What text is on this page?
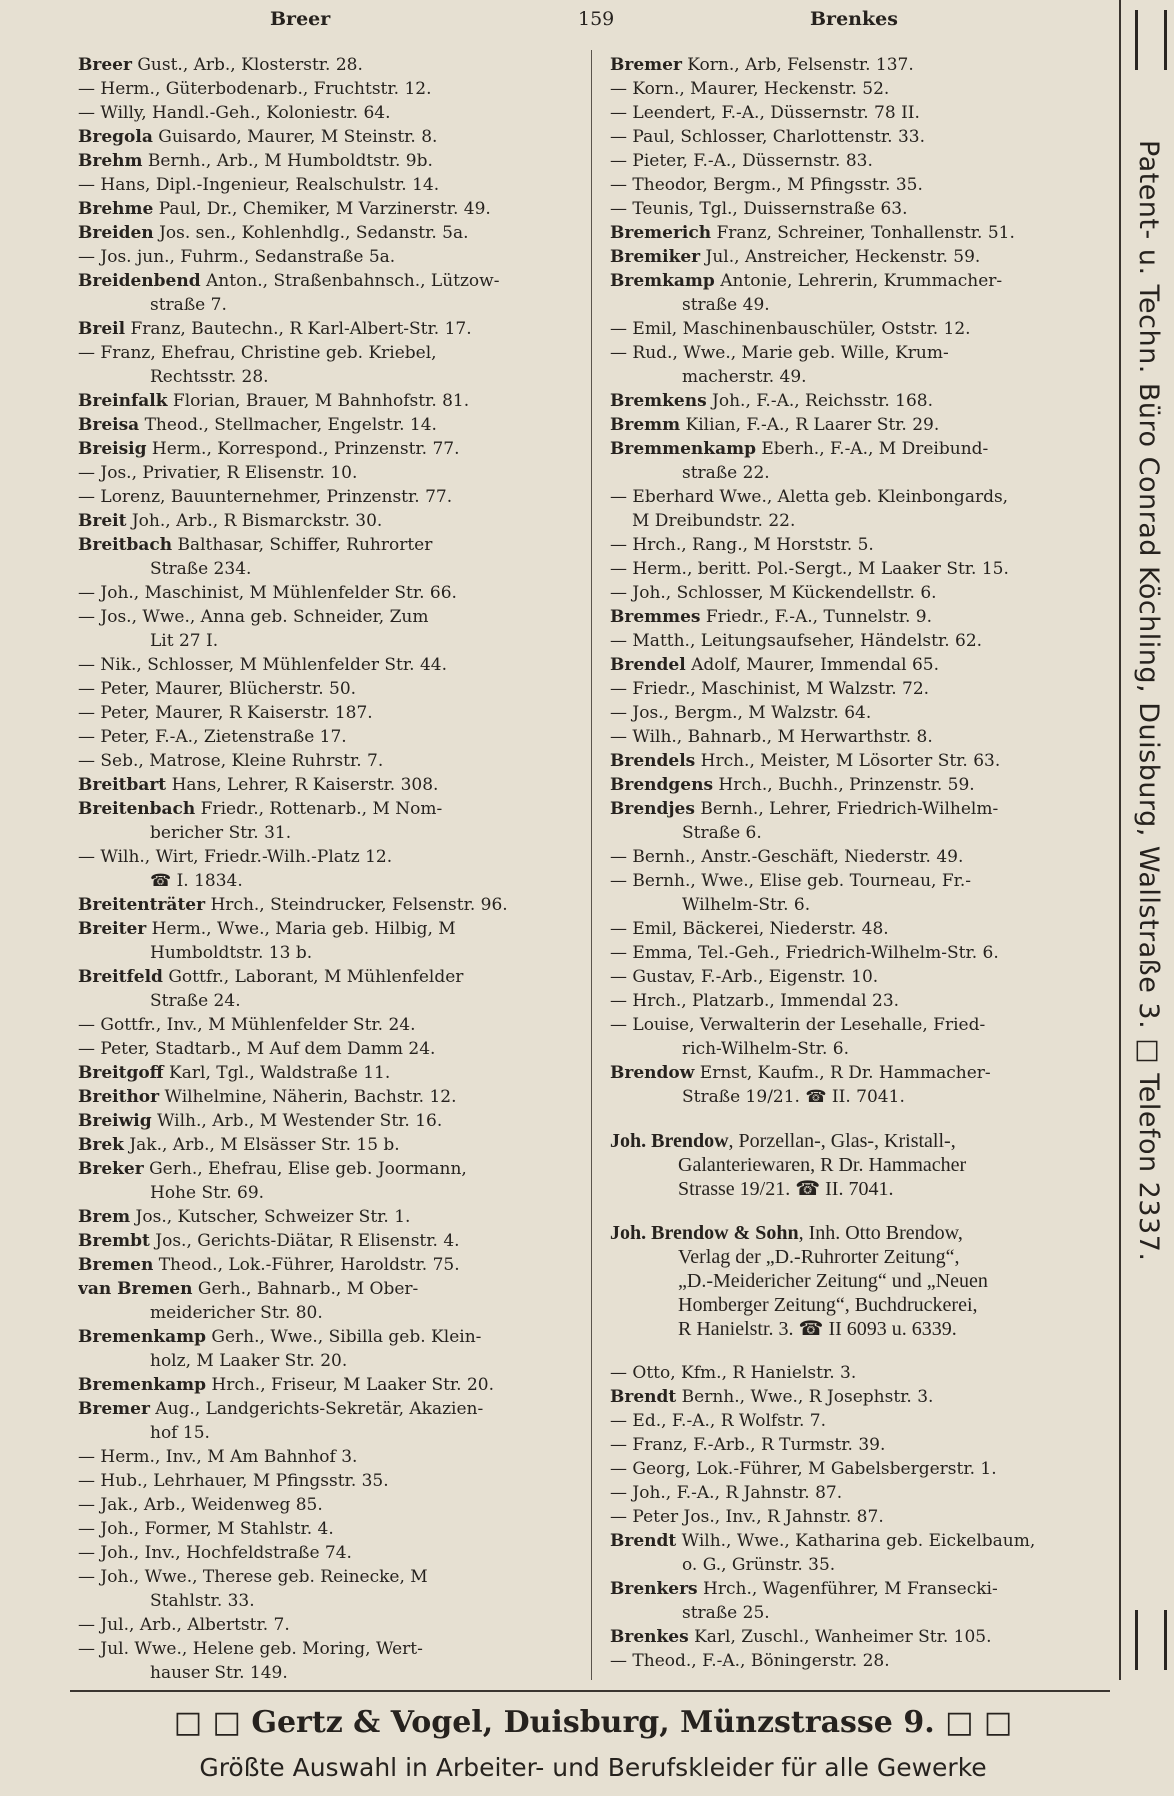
Breer	159	Brenkes
Breer Gust., Arb., Klosterstr. 28.
— Herm., Güterbodenarb., Fruchtstr. 12.
— Willy, Handl.-Geh., Koloniestr. 64.
Bregola Guisardo, Maurer, M Steinstr. 8.
Brehm Bernh., Arb., M Humboldtstr. 9b.
— Hans, Dipl.-Ingenieur, Realschulstr. 14.
Brehme Paul, Dr., Chemiker, M Varzinerstr. 49.
Breiden Jos. sen., Kohlenhdlg., Sedanstr. 5a.
— Jos. jun., Fuhrm., Sedanstraße 5a.
Breidenbend Anton., Straßenbahnsch., Lützow-
straße 7.
Breil Franz, Bautechn., R Karl-Albert-Str. 17.
— Franz, Ehefrau, Christine geb. Kriebel,
Rechtsstr. 28.
Breinfalk Florian, Brauer, M Bahnhofstr. 81.
Breisa Theod., Stellmacher, Engelstr. 14.
Breisig Herm., Korrespond., Prinzenstr. 77.
— Jos., Privatier, R Elisenstr. 10.
— Lorenz, Bauunternehmer, Prinzenstr. 77.
Breit Joh., Arb., R Bismarckstr. 30.
Breitbach Balthasar, Schiffer, Ruhrorter
Straße 234.
— Joh., Maschinist, M Mühlenfelder Str. 66.
— Jos., Wwe., Anna geb. Schneider, Zum
Lit 27 I.
— Nik., Schlosser, M Mühlenfelder Str. 44.
— Peter, Maurer, Blücherstr. 50.
— Peter, Maurer, R Kaiserstr. 187.
— Peter, F.-A., Zietenstraße 17.
— Seb., Matrose, Kleine Ruhrstr. 7.
Breitbart Hans, Lehrer, R Kaiserstr. 308.
Breitenbach Friedr., Rottenarb., M Nom-
bericher Str. 31.
— Wilh., Wirt, Friedr.-Wilh.-Platz 12.
☎ I. 1834.
Breitenträter Hrch., Steindrucker, Felsenstr. 96.
Breiter Herm., Wwe., Maria geb. Hilbig, M
Humboldtstr. 13 b.
Breitfeld Gottfr., Laborant, M Mühlenfelder
Straße 24.
— Gottfr., Inv., M Mühlenfelder Str. 24.
— Peter, Stadtarb., M Auf dem Damm 24.
Breitgoff Karl, Tgl., Waldstraße 11.
Breithor Wilhelmine, Näherin, Bachstr. 12.
Breiwig Wilh., Arb., M Westender Str. 16.
Brek Jak., Arb., M Elsässer Str. 15 b.
Breker Gerh., Ehefrau, Elise geb. Joormann,
Hohe Str. 69.
Brem Jos., Kutscher, Schweizer Str. 1.
Brembt Jos., Gerichts-Diätar, R Elisenstr. 4.
Bremen Theod., Lok.-Führer, Haroldstr. 75.
van Bremen Gerh., Bahnarb., M Ober-
meidericher Str. 80.
Bremenkamp Gerh., Wwe., Sibilla geb. Klein-
holz, M Laaker Str. 20.
Bremenkamp Hrch., Friseur, M Laaker Str. 20.
Bremer Aug., Landgerichts-Sekretär, Akazien-
hof 15.
— Herm., Inv., M Am Bahnhof 3.
— Hub., Lehrhauer, M Pfingsstr. 35.
— Jak., Arb., Weidenweg 85.
— Joh., Former, M Stahlstr. 4.
— Joh., Inv., Hochfeldstraße 74.
— Joh., Wwe., Therese geb. Reinecke, M
Stahlstr. 33.
— Jul., Arb., Albertstr. 7.
— Jul. Wwe., Helene geb. Moring, Wert-
hauser Str. 149.
Bremer Korn., Arb, Felsenstr. 137.
— Korn., Maurer, Heckenstr. 52.
— Leendert, F.-A., Düssernstr. 78 II.
— Paul, Schlosser, Charlottenstr. 33.
— Pieter, F.-A., Düssernstr. 83.
— Theodor, Bergm., M Pfingsstr. 35.
— Teunis, Tgl., Duissernstraße 63.
Bremerich Franz, Schreiner, Tonhallenstr. 51.
Bremiker Jul., Anstreicher, Heckenstr. 59.
Bremkamp Antonie, Lehrerin, Krummacher-
straße 49.
— Emil, Maschinenbauschüler, Oststr. 12.
— Rud., Wwe., Marie geb. Wille, Krum-
macherstr. 49.
Bremkens Joh., F.-A., Reichsstr. 168.
Bremm Kilian, F.-A., R Laarer Str. 29.
Bremmenkamp Eberh., F.-A., M Dreibund-
straße 22.
— Eberhard Wwe., Aletta geb. Kleinbongards,
M Dreibundstr. 22.
— Hrch., Rang., M Horststr. 5.
— Herm., beritt. Pol.-Sergt., M Laaker Str. 15.
— Joh., Schlosser, M Kückendellstr. 6.
Bremmes Friedr., F.-A., Tunnelstr. 9.
— Matth., Leitungsaufseher, Händelstr. 62.
Brendel Adolf, Maurer, Immendal 65.
— Friedr., Maschinist, M Walzstr. 72.
— Jos., Bergm., M Walzstr. 64.
— Wilh., Bahnarb., M Herwarthstr. 8.
Brendels Hrch., Meister, M Lösorter Str. 63.
Brendgens Hrch., Buchh., Prinzenstr. 59.
Brendjes Bernh., Lehrer, Friedrich-Wilhelm-
Straße 6.
— Bernh., Anstr.-Geschäft, Niederstr. 49.
— Bernh., Wwe., Elise geb. Tourneau, Fr.-
Wilhelm-Str. 6.
— Emil, Bäckerei, Niederstr. 48.
— Emma, Tel.-Geh., Friedrich-Wilhelm-Str. 6.
— Gustav, F.-Arb., Eigenstr. 10.
— Hrch., Platzarb., Immendal 23.
— Louise, Verwalterin der Lesehalle, Fried-
rich-Wilhelm-Str. 6.
Brendow Ernst, Kaufm., R Dr. Hammacher-
Straße 19/21. ☎ II. 7041.
Joh. Brendow, Porzellan-, Glas-, Kristall-,
Galanteriewaren, R Dr. Hammacher
Strasse 19/21. ☎ II. 7041.
Joh. Brendow & Sohn, Inh. Otto Brendow,
Verlag der „D.-Ruhrorter Zeitung“,
„D.-Meidericher Zeitung“ und „Neuen
Homberger Zeitung“, Buchdruckerei,
R Hanielstr. 3. ☎ II 6093 u. 6339.
— Otto, Kfm., R Hanielstr. 3.
Brendt Bernh., Wwe., R Josephstr. 3.
— Ed., F.-A., R Wolfstr. 7.
— Franz, F.-Arb., R Turmstr. 39.
— Georg, Lok.-Führer, M Gabelsbergerstr. 1.
— Joh., F.-A., R Jahnstr. 87.
— Peter Jos., Inv., R Jahnstr. 87.
Brendt Wilh., Wwe., Katharina geb. Eickelbaum,
o. G., Grünstr. 35.
Brenkers Hrch., Wagenführer, M Fransecki-
straße 25.
Brenkes Karl, Zuschl., Wanheimer Str. 105.
— Theod., F.-A., Böningerstr. 28.
Patent- u. Techn. Büro Conrad Köchling, Duisburg, Wallstraße 3. □ Telefon 2337.
□ □ Gertz & Vogel, Duisburg, Münzstrasse 9. □ □
Größte Auswahl in Arbeiter- und Berufskleider für alle Gewerke
